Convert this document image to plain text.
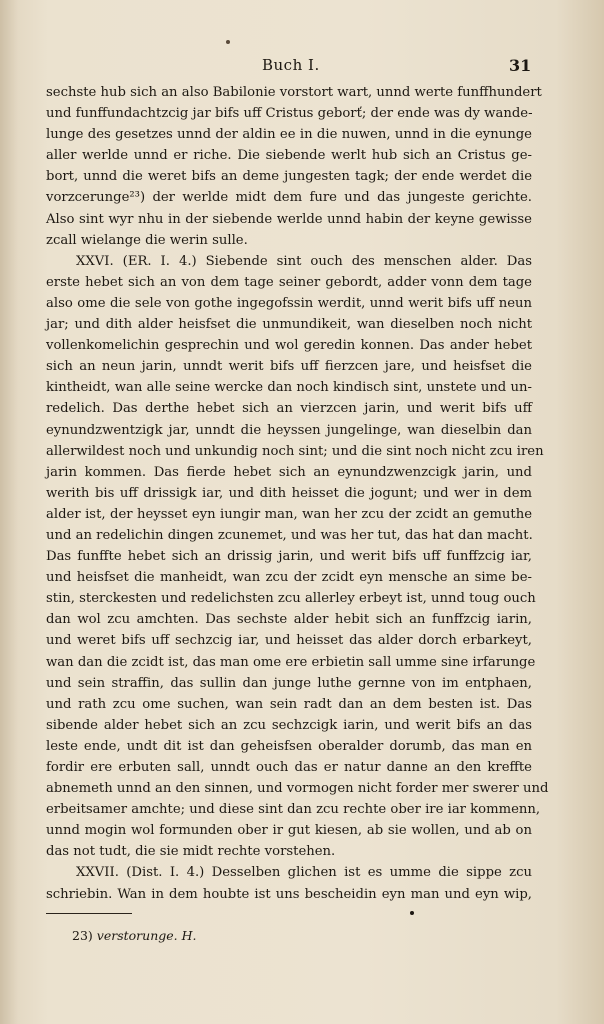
Buch I.	31
sechste hub sich an also Babilonie vorstort wart, unnd werte funffhundert
und funffundachtzcig jar bifs uff Cristus geborť; der ende was dy wande-
lunge des gesetzes unnd der aldin ee in die nuwen, unnd in die eynunge
aller werlde unnd er riche. Die siebende werlt hub sich an Cristus ge-
bort, unnd die weret bifs an deme jungesten tagk; der ende werdet die
vorzcerunge²³) der werlde midt dem fure und das jungeste gerichte.
Also sint wyr nhu in der siebende werlde unnd habin der keyne gewisse
zcall wielange die werin sulle.
XXVI. (ER. I. 4.) Siebende sint ouch des menschen alder. Das
erste hebet sich an von dem tage seiner gebordt, adder vonn dem tage
also ome die sele von gothe ingegofssin werdit, unnd werit bifs uff neun
jar; und dith alder heisfset die unmundikeit, wan dieselben noch nicht
vollenkomelichin gesprechin und wol geredin konnen. Das ander hebet
sich an neun jarin, unndt werit bifs uff fierzcen jare, und heisfset die
kintheidt, wan alle seine wercke dan noch kindisch sint, unstete und un-
redelich. Das derthe hebet sich an vierzcen jarin, und werit bifs uff
eynundzwentzigk jar, unndt die heyssen jungelinge, wan dieselbin dan
allerwildest noch und unkundig noch sint; und die sint noch nicht zcu iren
jarin kommen. Das fierde hebet sich an eynundzwenzcigk jarin, und
werith bis uff drissigk iar, und dith heisset die jogunt; und wer in dem
alder ist, der heysset eyn iungir man, wan her zcu der zcidt an gemuthe
und an redelichin dingen zcunemet, und was her tut, das hat dan macht.
Das funffte hebet sich an drissig jarin, und werit bifs uff funffzcig iar,
und heisfset die manheidt, wan zcu der zcidt eyn mensche an sime be-
stin, sterckesten und redelichsten zcu allerley erbeyt ist, unnd toug ouch
dan wol zcu amchten. Das sechste alder hebit sich an funffzcig iarin,
und weret bifs uff sechzcig iar, und heisset das alder dorch erbarkeyt,
wan dan die zcidt ist, das man ome ere erbietin sall umme sine irfarunge
und sein straffin, das sullin dan junge luthe gernne von im entphaen,
und rath zcu ome suchen, wan sein radt dan an dem besten ist. Das
sibende alder hebet sich an zcu sechzcigk iarin, und werit bifs an das
leste ende, undt dit ist dan geheisfsen oberalder dorumb, das man en
fordir ere erbuten sall, unndt ouch das er natur danne an den kreffte
abnemeth unnd an den sinnen, und vormogen nicht forder mer swerer und
erbeitsamer amchte; und diese sint dan zcu rechte ober ire iar kommenn,
unnd mogin wol formunden ober ir gut kiesen, ab sie wollen, und ab on
das not tudt, die sie midt rechte vorstehen.
XXVII. (Dist. I. 4.) Desselben glichen ist es umme die sippe zcu
schriebin. Wan in dem houbte ist uns bescheidin eyn man und eyn wip,
23) verstorunge. H.
